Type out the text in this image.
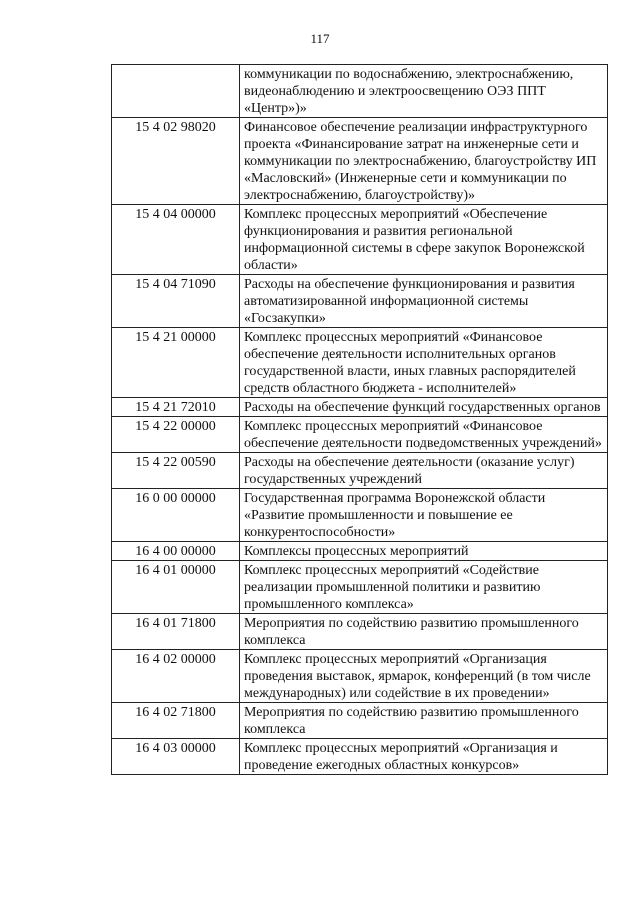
117
	коммуникации по водоснабжению, электроснабжению, видеонаблюдению и электроосвещению ОЭЗ ППТ «Центр»)»
15 4 02 98020	Финансовое обеспечение реализации инфраструктурного проекта «Финансирование затрат на инженерные сети и коммуникации по электроснабжению, благоустройству ИП «Масловский» (Инженерные сети и коммуникации по электроснабжению, благоустройству)»
15 4 04 00000	Комплекс процессных мероприятий «Обеспечение функционирования и развития региональной информационной системы в сфере закупок Воронежской области»
15 4 04 71090	Расходы на обеспечение функционирования и развития автоматизированной информационной системы «Госзакупки»
15 4 21 00000	Комплекс процессных мероприятий «Финансовое обеспечение деятельности исполнительных органов государственной власти, иных главных распорядителей средств областного бюджета - исполнителей»
15 4 21 72010	Расходы на обеспечение функций государственных органов
15 4 22 00000	Комплекс процессных мероприятий «Финансовое обеспечение деятельности подведомственных учреждений»
15 4 22 00590	Расходы на обеспечение деятельности (оказание услуг) государственных учреждений
16 0 00 00000	Государственная программа Воронежской области «Развитие промышленности и повышение ее конкурентоспособности»
16 4 00 00000	Комплексы процессных мероприятий
16 4 01 00000	Комплекс процессных мероприятий «Содействие реализации промышленной политики и развитию промышленного комплекса»
16 4 01 71800	Мероприятия по содействию развитию промышленного комплекса
16 4 02 00000	Комплекс процессных мероприятий «Организация проведения выставок, ярмарок, конференций (в том числе международных) или содействие в их проведении»
16 4 02 71800	Мероприятия по содействию развитию промышленного комплекса
16 4 03 00000	Комплекс процессных мероприятий «Организация и проведение ежегодных областных конкурсов»
